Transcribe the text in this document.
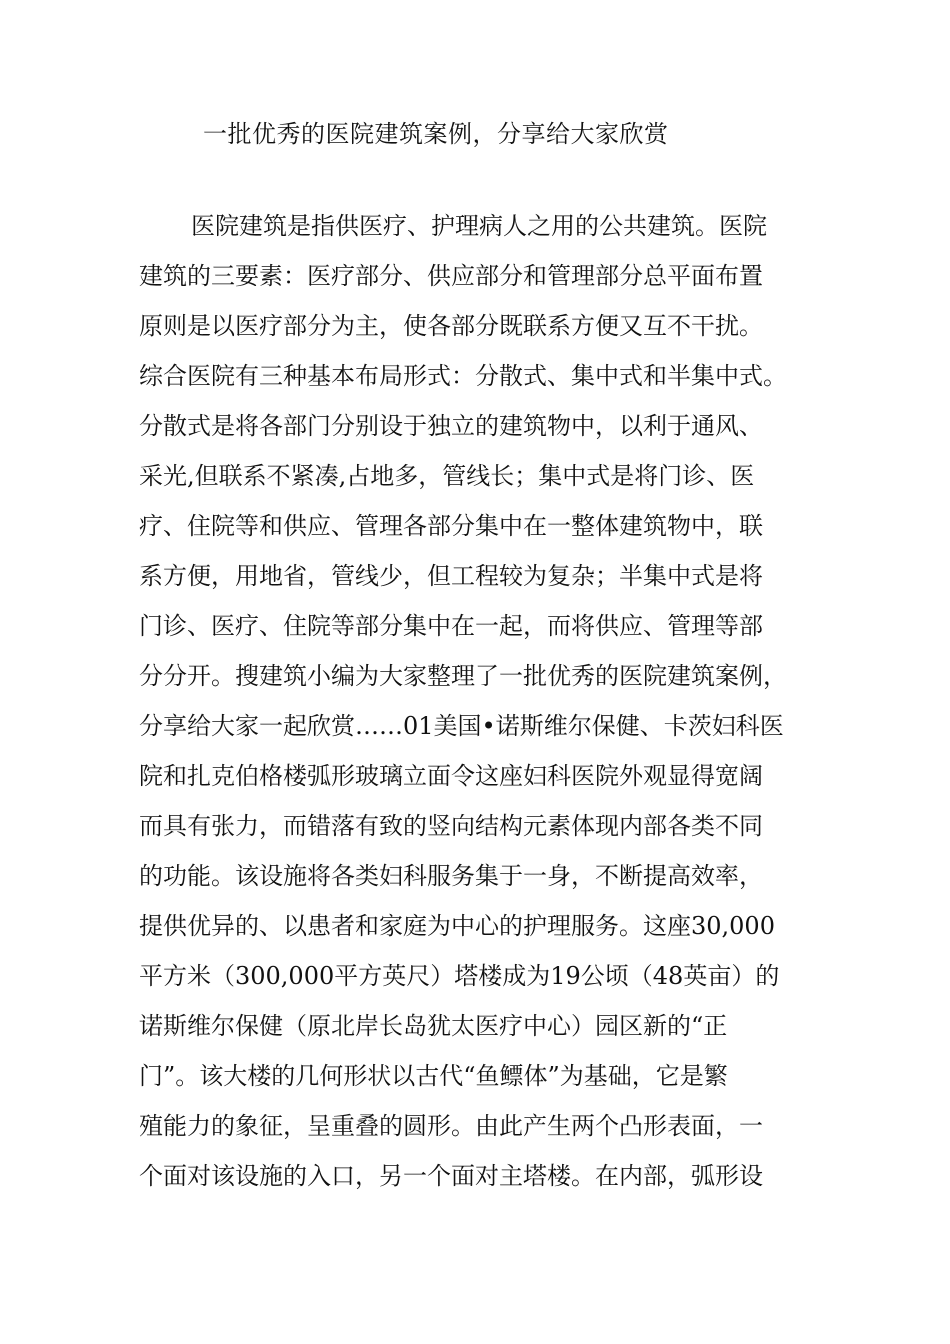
一批优秀的医院建筑案例，分享给大家欣赏
医院建筑是指供医疗、护理病人之用的公共建筑。医院
建筑的三要素：医疗部分、供应部分和管理部分总平面布置
原则是以医疗部分为主，使各部分既联系方便又互不干扰。
综合医院有三种基本布局形式：分散式、集中式和半集中式。
分散式是将各部门分别设于独立的建筑物中，以利于通风、
采光,但联系不紧凑,占地多，管线长；集中式是将门诊、医
疗、住院等和供应、管理各部分集中在一整体建筑物中，联
系方便，用地省，管线少，但工程较为复杂；半集中式是将
门诊、医疗、住院等部分集中在一起，而将供应、管理等部
分分开。搜建筑小编为大家整理了一批优秀的医院建筑案例，
分享给大家一起欣赏……01美国•诺斯维尔保健、卡茨妇科医
院和扎克伯格楼弧形玻璃立面令这座妇科医院外观显得宽阔
而具有张力，而错落有致的竖向结构元素体现内部各类不同
的功能。该设施将各类妇科服务集于一身，不断提高效率，
提供优异的、以患者和家庭为中心的护理服务。这座30,000
平方米（300,000平方英尺）塔楼成为19公顷（48英亩）的
诺斯维尔保健（原北岸长岛犹太医疗中心）园区新的“正
门”。该大楼的几何形状以古代“鱼鳔体”为基础，它是繁
殖能力的象征，呈重叠的圆形。由此产生两个凸形表面，一
个面对该设施的入口，另一个面对主塔楼。在内部，弧形设
